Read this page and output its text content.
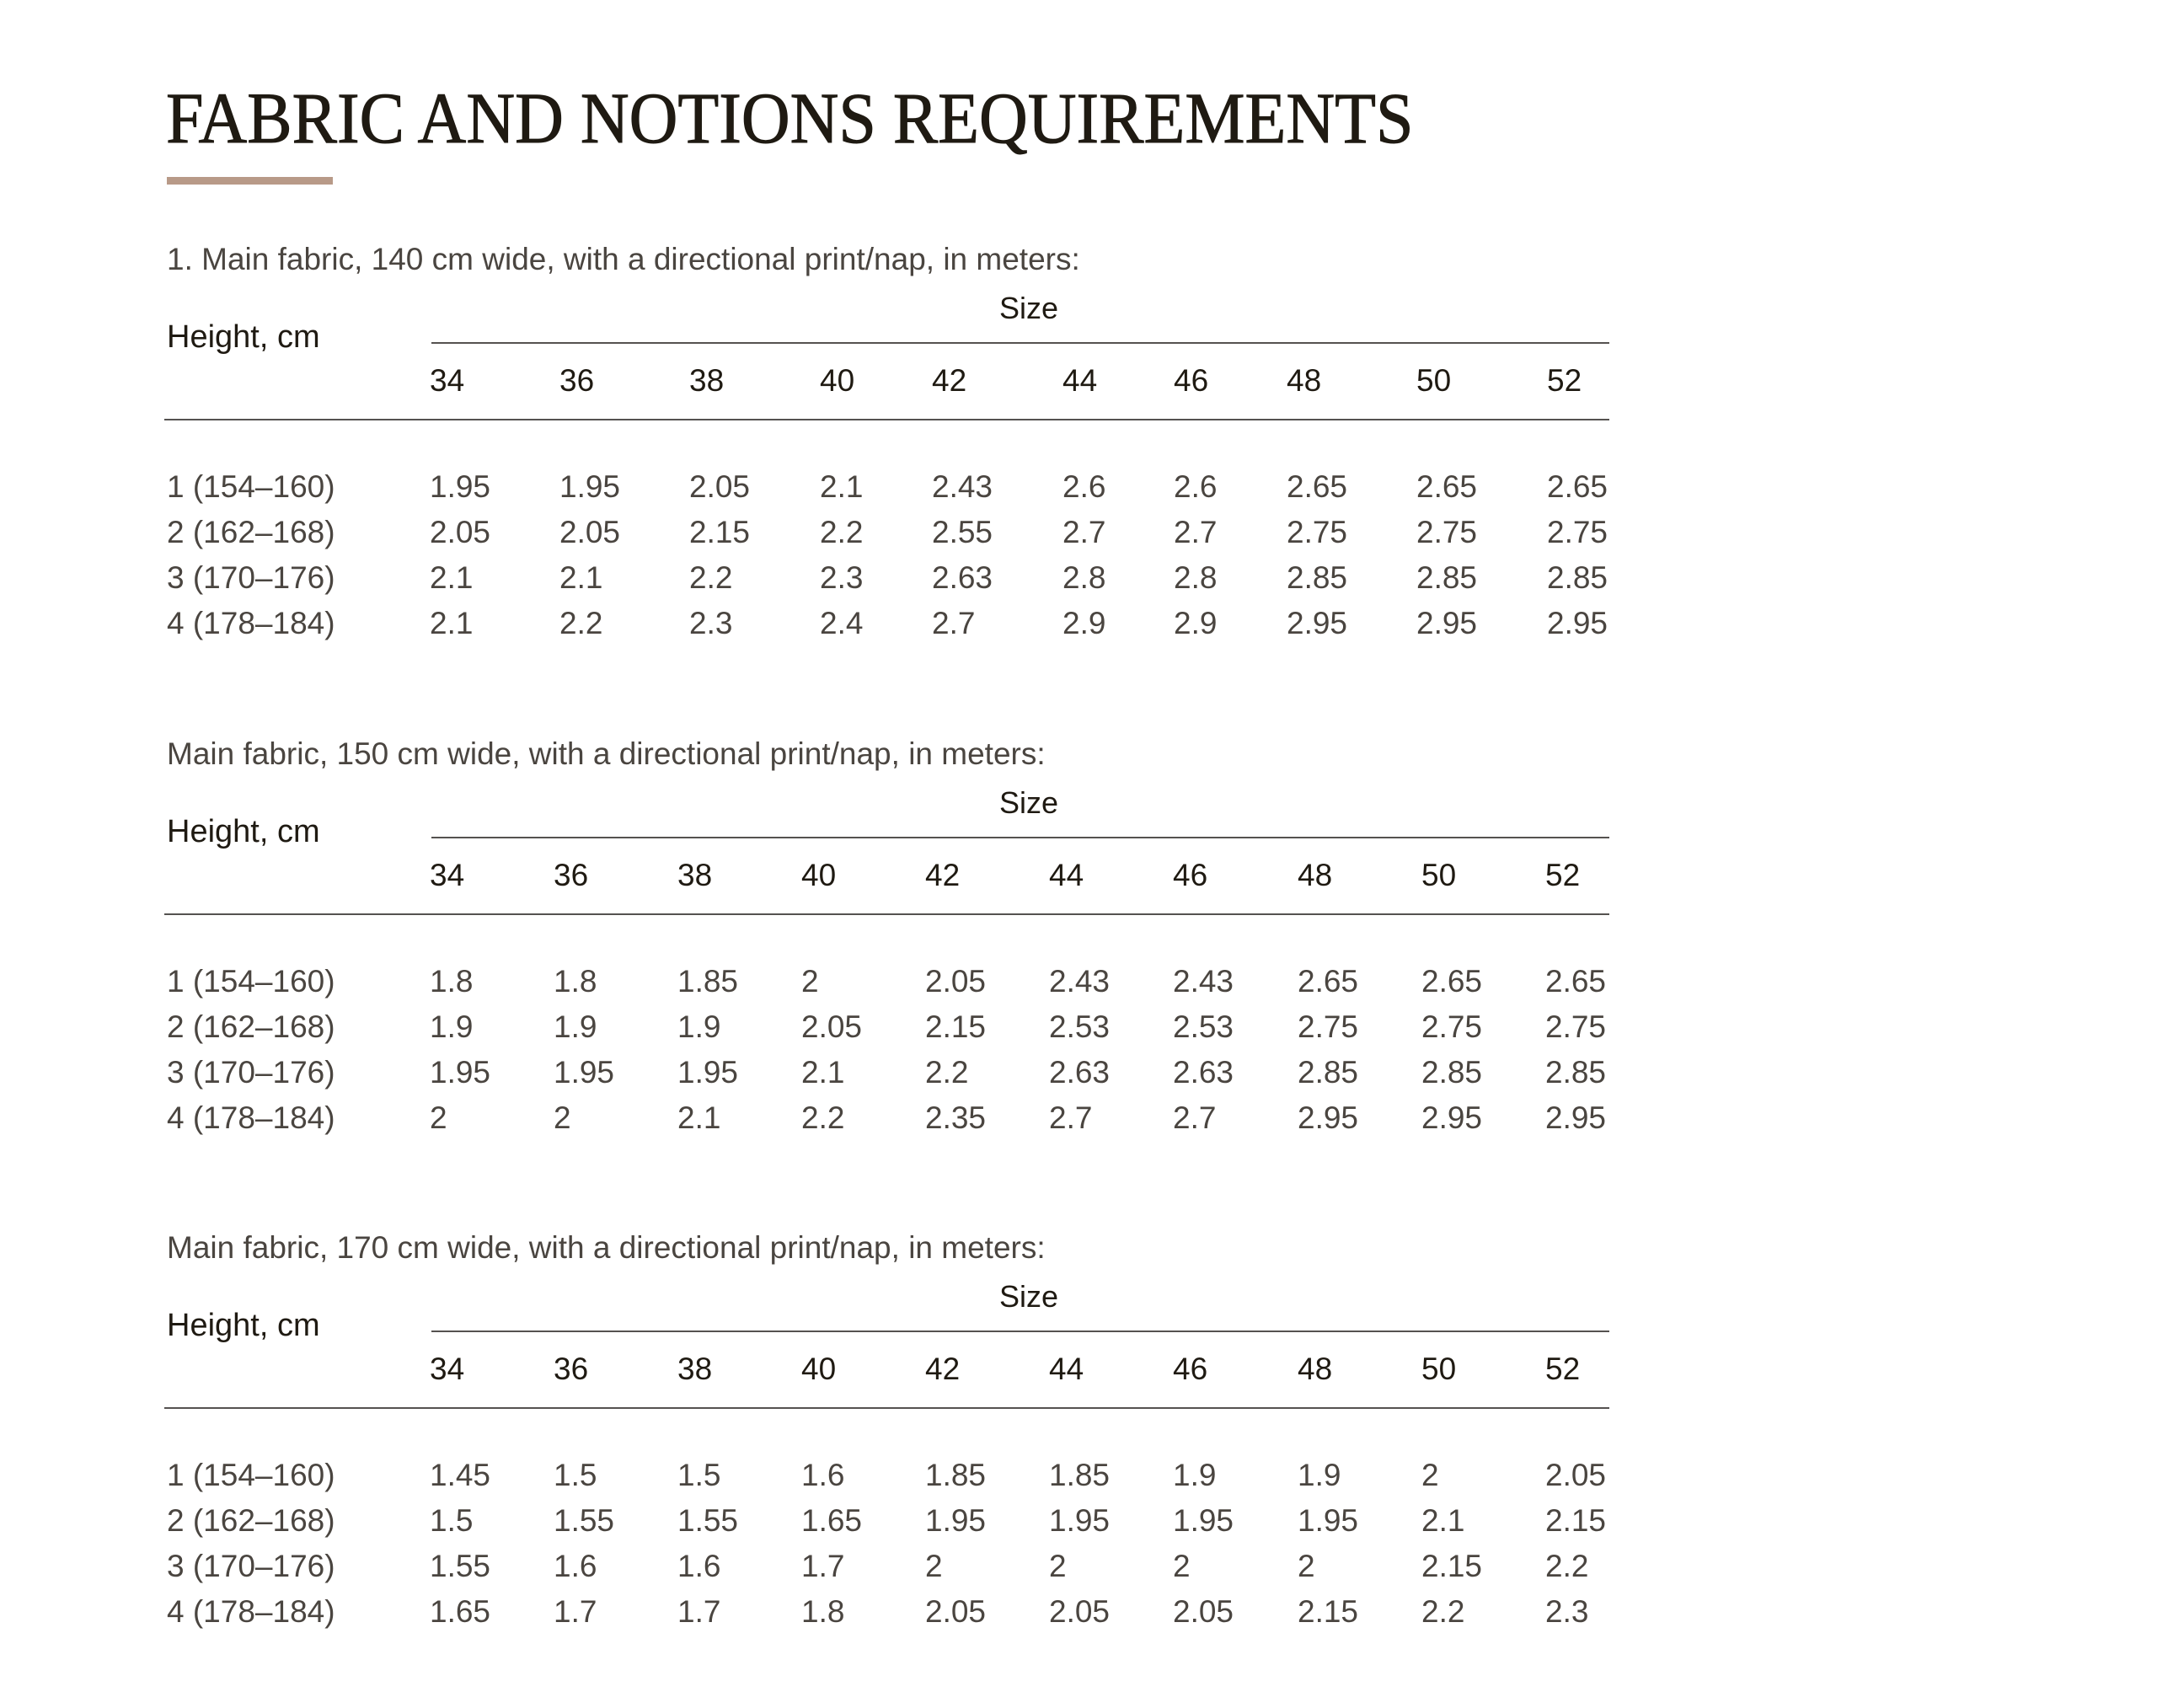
FABRIC AND NOTIONS REQUIREMENTS
1. Main fabric, 140 cm wide, with a directional print/nap, in meters:
Size
Height, cm
34	36	38	40 42	44 46	48	50	52
1 (154–160)	1.95 1.95 2.05 2.1 2.43 2.6 2.6 2.65 2.65 2.65
2 (162–168)	2.05 2.05 2.15 2.2 2.55 2.7 2.7 2.75 2.75 2.75
3 (170–176)	2.1	2.1	2.2	2.3 2.63 2.8 2.8 2.85 2.85 2.85
4 (178–184)	2.1	2.2	2.3	2.4 2.7	2.9 2.9 2.95 2.95 2.95
Main fabric, 150 cm wide, with a directional print/nap, in meters:
Size
Height, cm
34	36	38	40	42	44	46	48	50	52
1 (154–160)	1.8	1.8	1.85 2	2.05 2.43 2.43 2.65 2.65 2.65
2 (162–168)	1.9	1.9	1.9	2.05 2.15 2.53 2.53 2.75 2.75 2.75
3 (170–176)	1.95 1.95 1.95 2.1	2.2	2.63 2.63 2.85 2.85 2.85
4 (178–184)	2	2	2.1	2.2	2.35 2.7	2.7	2.95 2.95 2.95
Main fabric, 170 cm wide, with a directional print/nap, in meters:
Size
Height, cm
34	36	38	40	42	44	46	48	50	52
1 (154–160)	1.45 1.5	1.5	1.6	1.85 1.85 1.9	1.9	2	2.05
2 (162–168)	1.5	1.55 1.55 1.65 1.95 1.95 1.95 1.95 2.1	2.15
3 (170–176)	1.55 1.6	1.6	1.7	2	2	2	2	2.15 2.2
4 (178–184)	1.65 1.7	1.7	1.8	2.05 2.05 2.05 2.15 2.2	2.3
